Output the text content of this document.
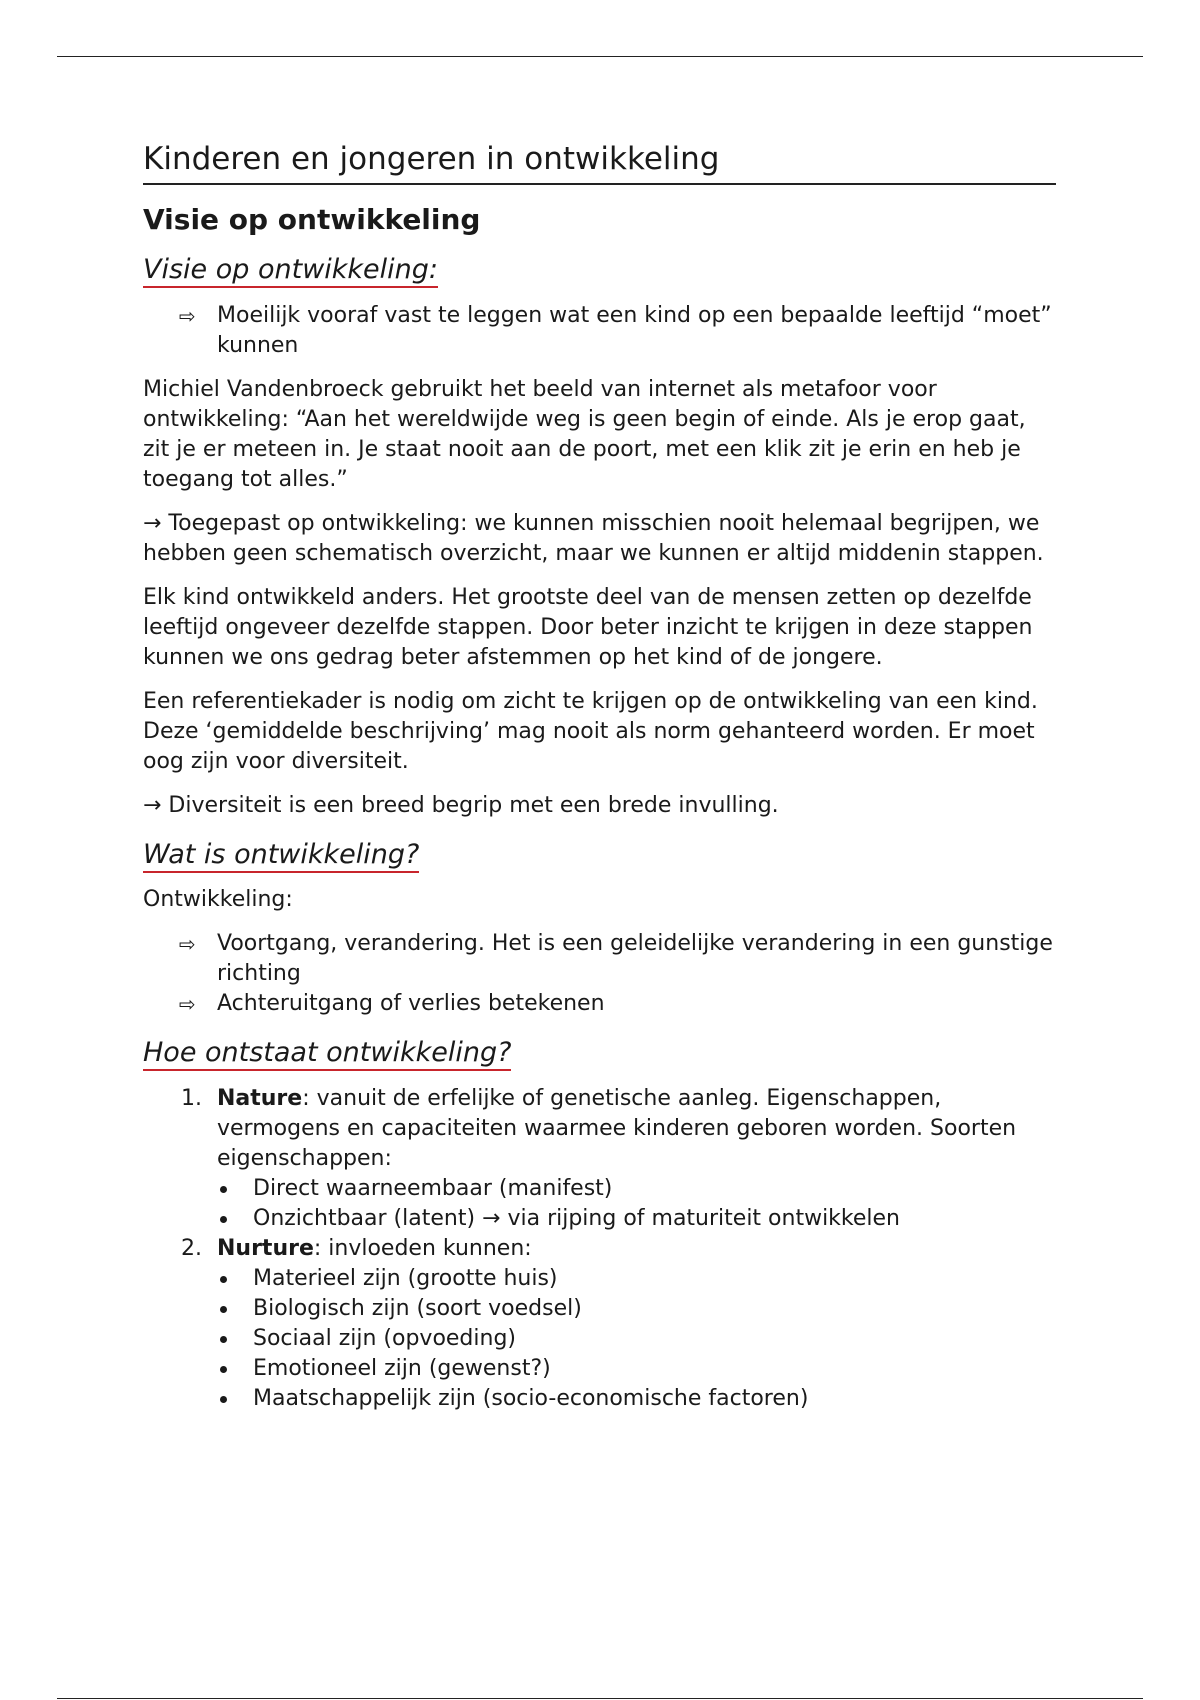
Kinderen en jongeren in ontwikkeling
Visie op ontwikkeling
Visie op ontwikkeling:
⇨ Moeilijk vooraf vast te leggen wat een kind op een bepaalde leeftijd “moet” kunnen

Michiel Vandenbroeck gebruikt het beeld van internet als metafoor voor ontwikkeling: “Aan het wereldwijde weg is geen begin of einde. Als je erop gaat, zit je er meteen in. Je staat nooit aan de poort, met een klik zit je erin en heb je toegang tot alles.”

→ Toegepast op ontwikkeling: we kunnen misschien nooit helemaal begrijpen, we hebben geen schematisch overzicht, maar we kunnen er altijd middenin stappen.

Elk kind ontwikkeld anders. Het grootste deel van de mensen zetten op dezelfde leeftijd ongeveer dezelfde stappen. Door beter inzicht te krijgen in deze stappen kunnen we ons gedrag beter afstemmen op het kind of de jongere.

Een referentiekader is nodig om zicht te krijgen op de ontwikkeling van een kind. Deze ‘gemiddelde beschrijving’ mag nooit als norm gehanteerd worden. Er moet oog zijn voor diversiteit.

→ Diversiteit is een breed begrip met een brede invulling.

Wat is ontwikkeling?

Ontwikkeling:

⇨ Voortgang, verandering. Het is een geleidelijke verandering in een gunstige richting
⇨ Achteruitgang of verlies betekenen
Hoe ontstaat ontwikkeling?
1. Nature: vanuit de erfelijke of genetische aanleg. Eigenschappen, vermogens en capaciteiten waarmee kinderen geboren worden. Soorten eigenschappen:
Direct waarneembaar (manifest)
Onzichtbaar (latent) → via rijping of maturiteit ontwikkelen
2. Nurture: invloeden kunnen:
Materieel zijn (grootte huis)
Biologisch zijn (soort voedsel)
Sociaal zijn (opvoeding)
Emotioneel zijn (gewenst?)
Maatschappelijk zijn (socio-economische factoren)
